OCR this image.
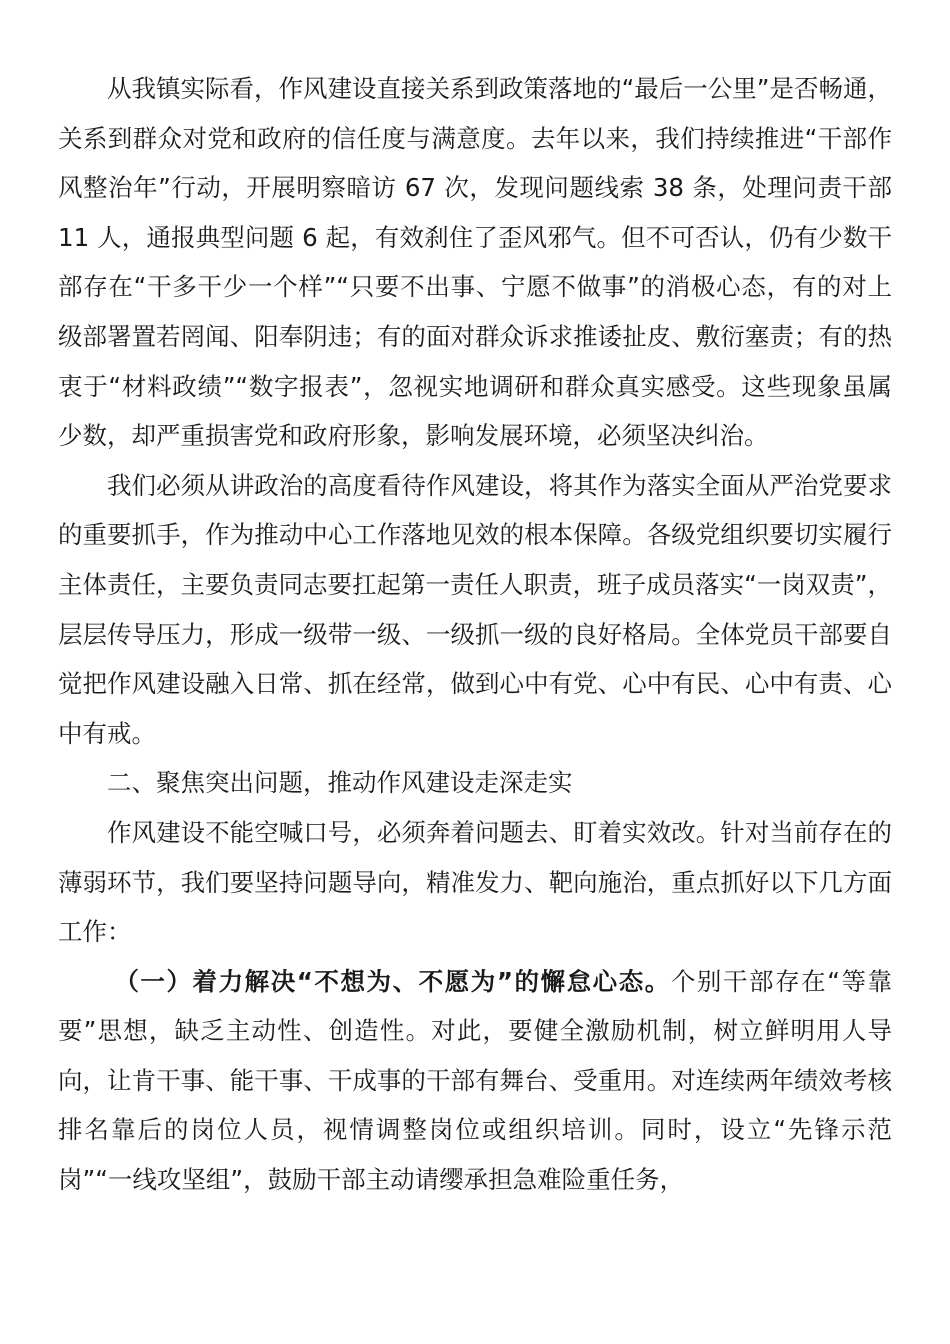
从我镇实际看，作风建设直接关系到政策落地的“最后一公里”是否畅通，关系到群众对党和政府的信任度与满意度。去年以来，我们持续推进“干部作风整治年”行动，开展明察暗访 67 次，发现问题线索 38 条，处理问责干部 11 人，通报典型问题 6 起，有效刹住了歪风邪气。但不可否认，仍有少数干部存在“干多干少一个样”“只要不出事、宁愿不做事”的消极心态，有的对上级部署置若罔闻、阳奉阴违；有的面对群众诉求推诿扯皮、敷衍塞责；有的热衷于“材料政绩”“数字报表”，忽视实地调研和群众真实感受。这些现象虽属少数，却严重损害党和政府形象，影响发展环境，必须坚决纠治。

我们必须从讲政治的高度看待作风建设，将其作为落实全面从严治党要求的重要抓手，作为推动中心工作落地见效的根本保障。各级党组织要切实履行主体责任，主要负责同志要扛起第一责任人职责，班子成员落实“一岗双责”，层层传导压力，形成一级带一级、一级抓一级的良好格局。全体党员干部要自觉把作风建设融入日常、抓在经常，做到心中有党、心中有民、心中有责、心中有戒。

二、聚焦突出问题，推动作风建设走深走实

作风建设不能空喊口号，必须奔着问题去、盯着实效改。针对当前存在的薄弱环节，我们要坚持问题导向，精准发力、靶向施治，重点抓好以下几方面工作：

（一）着力解决“不想为、不愿为”的懈怠心态。个别干部存在“等靠要”思想，缺乏主动性、创造性。对此，要健全激励机制，树立鲜明用人导向，让肯干事、能干事、干成事的干部有舞台、受重用。对连续两年绩效考核排名靠后的岗位人员，视情调整岗位或组织培训。同时，设立“先锋示范岗”“一线攻坚组”，鼓励干部主动请缨承担急难险重任务，
